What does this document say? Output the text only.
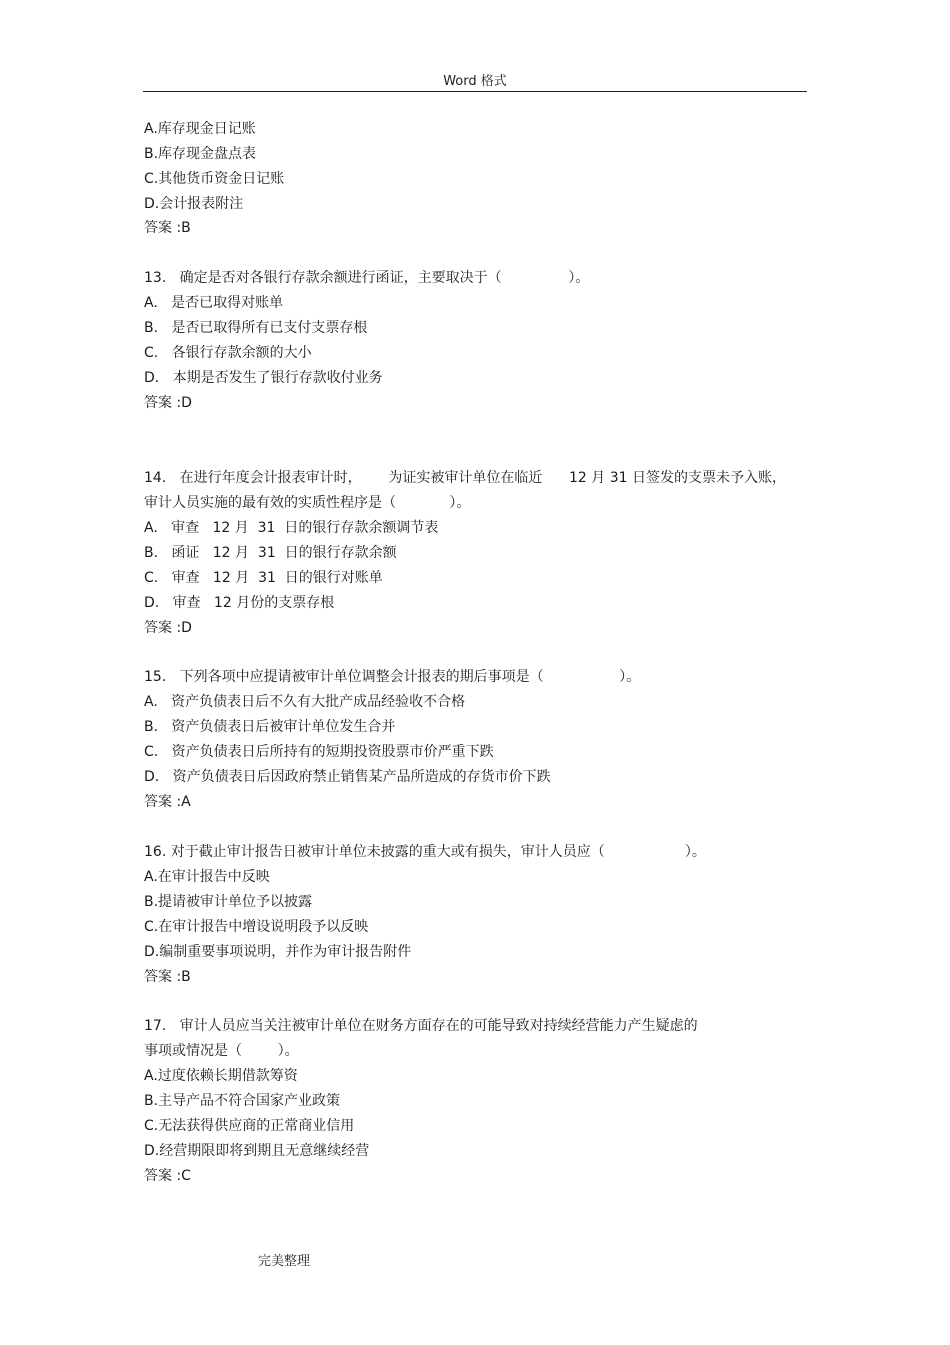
Word 格式
A.库存现金日记账
B.库存现金盘点表
C.其他货币资金日记账
D.会计报表附注
答案 :B
13.   确定是否对各银行存款余额进行函证，主要取决于（               ）。
A.   是否已取得对账单
B.   是否已取得所有已支付支票存根
C.   各银行存款余额的大小
D.   本期是否发生了银行存款收付业务
答案 :D
14.   在进行年度会计报表审计时，      为证实被审计单位在临近      12 月 31 日签发的支票未予入账，
审计人员实施的最有效的实质性程序是（            ）。
A.   审查   12 月  31  日的银行存款余额调节表
B.   函证   12 月  31  日的银行存款余额
C.   审查   12 月  31  日的银行对账单
D.   审查   12 月份的支票存根
答案 :D
15.   下列各项中应提请被审计单位调整会计报表的期后事项是（                 ）。
A.   资产负债表日后不久有大批产成品经验收不合格
B.   资产负债表日后被审计单位发生合并
C.   资产负债表日后所持有的短期投资股票市价严重下跌
D.   资产负债表日后因政府禁止销售某产品所造成的存货市价下跌
答案 :A
16. 对于截止审计报告日被审计单位未披露的重大或有损失，审计人员应（                  ）。
A.在审计报告中反映
B.提请被审计单位予以披露
C.在审计报告中增设说明段予以反映
D.编制重要事项说明，并作为审计报告附件
答案 :B
17.   审计人员应当关注被审计单位在财务方面存在的可能导致对持续经营能力产生疑虑的
事项或情况是（        ）。
A.过度依赖长期借款筹资
B.主导产品不符合国家产业政策
C.无法获得供应商的正常商业信用
D.经营期限即将到期且无意继续经营
答案 :C
完美整理
